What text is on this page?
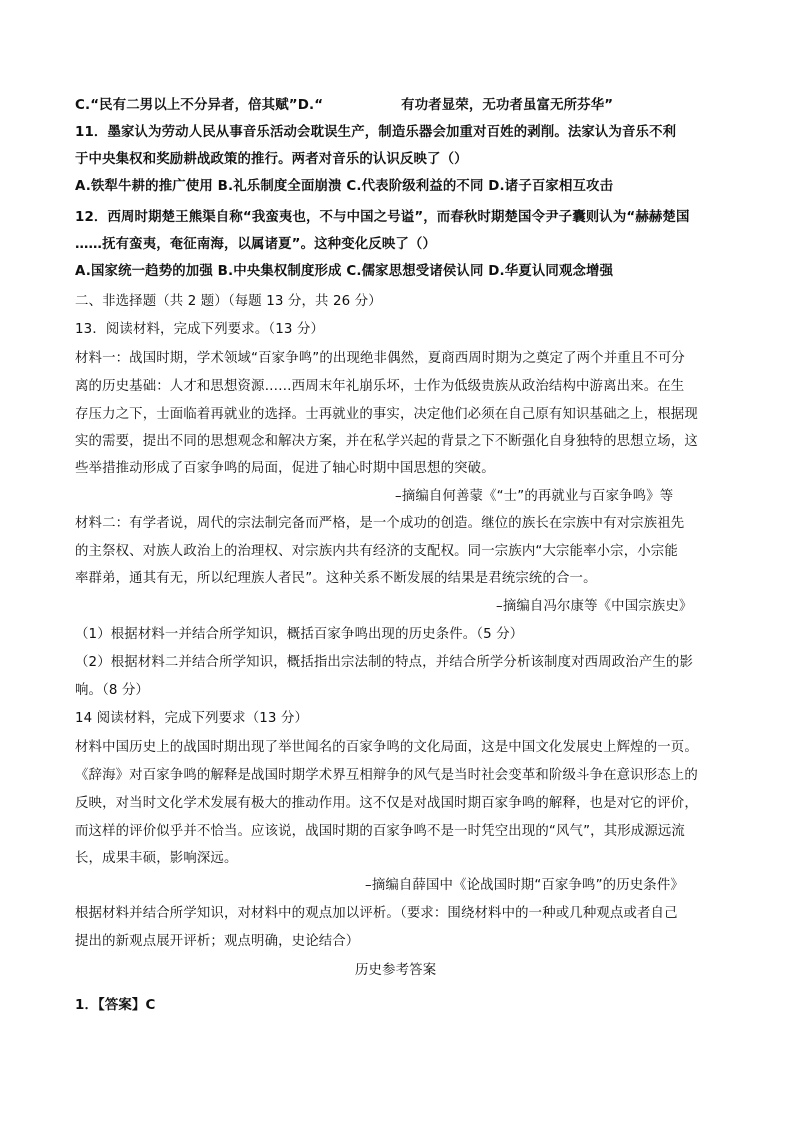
C.“民有二男以上不分异者，倍其赋”D.“	有功者显荣，无功者虽富无所芬华”
11．墨家认为劳动人民从事音乐活动会耽误生产，制造乐器会加重对百姓的剥削。法家认为音乐不利
于中央集权和奖励耕战政策的推行。两者对音乐的认识反映了（）
A.铁犁牛耕的推广使用 B.礼乐制度全面崩溃 C.代表阶级利益的不同 D.诸子百家相互攻击
12．西周时期楚王熊渠自称“我蛮夷也，不与中国之号谥”，而春秋时期楚国令尹子囊则认为“赫赫楚国
……抚有蛮夷，奄征南海，以属诸夏”。这种变化反映了（）
A.国家统一趋势的加强 B.中央集权制度形成 C.儒家思想受诸侯认同 D.华夏认同观念增强
二、非选择题（共 2 题）（每题 13 分，共 26 分）
13．阅读材料，完成下列要求。（13 分）
材料一：战国时期，学术领域“百家争鸣”的出现绝非偶然，夏商西周时期为之奠定了两个并重且不可分
离的历史基础：人才和思想资源……西周末年礼崩乐坏，士作为低级贵族从政治结构中游离出来。在生
存压力之下，士面临着再就业的选择。士再就业的事实，决定他们必须在自己原有知识基础之上，根据现
实的需要，提出不同的思想观念和解决方案，并在私学兴起的背景之下不断强化自身独特的思想立场，这
些举措推动形成了百家争鸣的局面，促进了轴心时期中国思想的突破。
–摘编自何善蒙《“士”的再就业与百家争鸣》等
材料二：有学者说，周代的宗法制完备而严格，是一个成功的创造。继位的族长在宗族中有对宗族祖先
的主祭权、对族人政治上的治理权、对宗族内共有经济的支配权。同一宗族内“大宗能率小宗，小宗能
率群弟，通其有无，所以纪理族人者民”。这种关系不断发展的结果是君统宗统的合一。
–摘编自冯尔康等《中国宗族史》
（1）根据材料一并结合所学知识，概括百家争鸣出现的历史条件。（5 分）
（2）根据材料二并结合所学知识，概括指出宗法制的特点，并结合所学分析该制度对西周政治产生的影
响。（8 分）
14 阅读材料，完成下列要求（13 分）
材料中国历史上的战国时期出现了举世闻名的百家争鸣的文化局面，这是中国文化发展史上辉煌的一页。
《辞海》对百家争鸣的解释是战国时期学术界互相辩争的风气是当时社会变革和阶级斗争在意识形态上的
反映，对当时文化学术发展有极大的推动作用。这不仅是对战国时期百家争鸣的解释，也是对它的评价，
而这样的评价似乎并不恰当。应该说，战国时期的百家争鸣不是一时凭空出现的“风气”，其形成源远流
长，成果丰硕，影响深远。
–摘编自薛国中《论战国时期“百家争鸣”的历史条件》
根据材料并结合所学知识，对材料中的观点加以评析。（要求：围绕材料中的一种或几种观点或者自己
提出的新观点展开评析；观点明确，史论结合）
历史参考答案
1．【答案】C
